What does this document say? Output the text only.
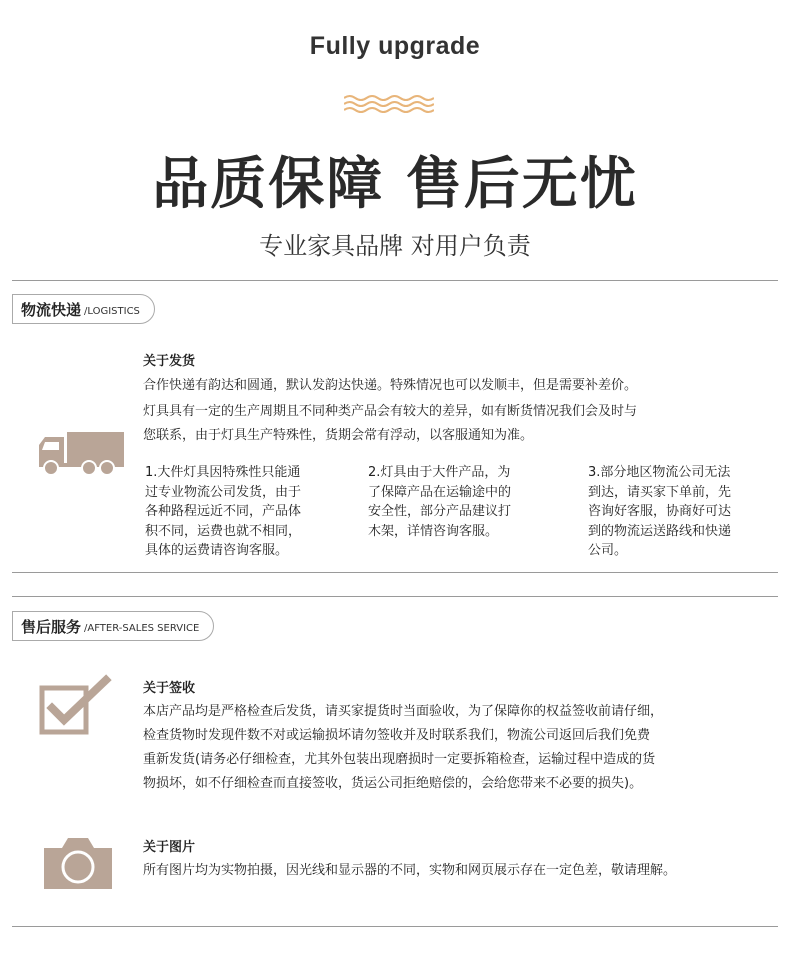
Fully upgrade
品质保障 售后无忧
专业家具品牌 对用户负责
物流快递 /LOGISTICS
关于发货
合作快递有韵达和圆通，默认发韵达快递。特殊情况也可以发顺丰，但是需要补差价。
灯具具有一定的生产周期且不同种类产品会有较大的差异，如有断货情况我们会及时与
您联系，由于灯具生产特殊性，货期会常有浮动，以客服通知为准。
1.大件灯具因特殊性只能通
过专业物流公司发货，由于
各种路程远近不同，产品体
积不同，运费也就不相同，
具体的运费请咨询客服。
2.灯具由于大件产品，为
了保障产品在运输途中的
安全性，部分产品建议打
木架，详情咨询客服。
3.部分地区物流公司无法
到达，请买家下单前，先
咨询好客服，协商好可达
到的物流运送路线和快递
公司。
售后服务 /AFTER-SALES SERVICE
关于签收
本店产品均是严格检查后发货，请买家提货时当面验收，为了保障你的权益签收前请仔细，
检查货物时发现件数不对或运输损坏请勿签收并及时联系我们，物流公司返回后我们免费
重新发货(请务必仔细检查，尤其外包装出现磨损时一定要拆箱检查，运输过程中造成的货
物损坏，如不仔细检查而直接签收，货运公司拒绝赔偿的，会给您带来不必要的损失)。
关于图片
所有图片均为实物拍摄，因光线和显示器的不同，实物和网页展示存在一定色差，敬请理解。
